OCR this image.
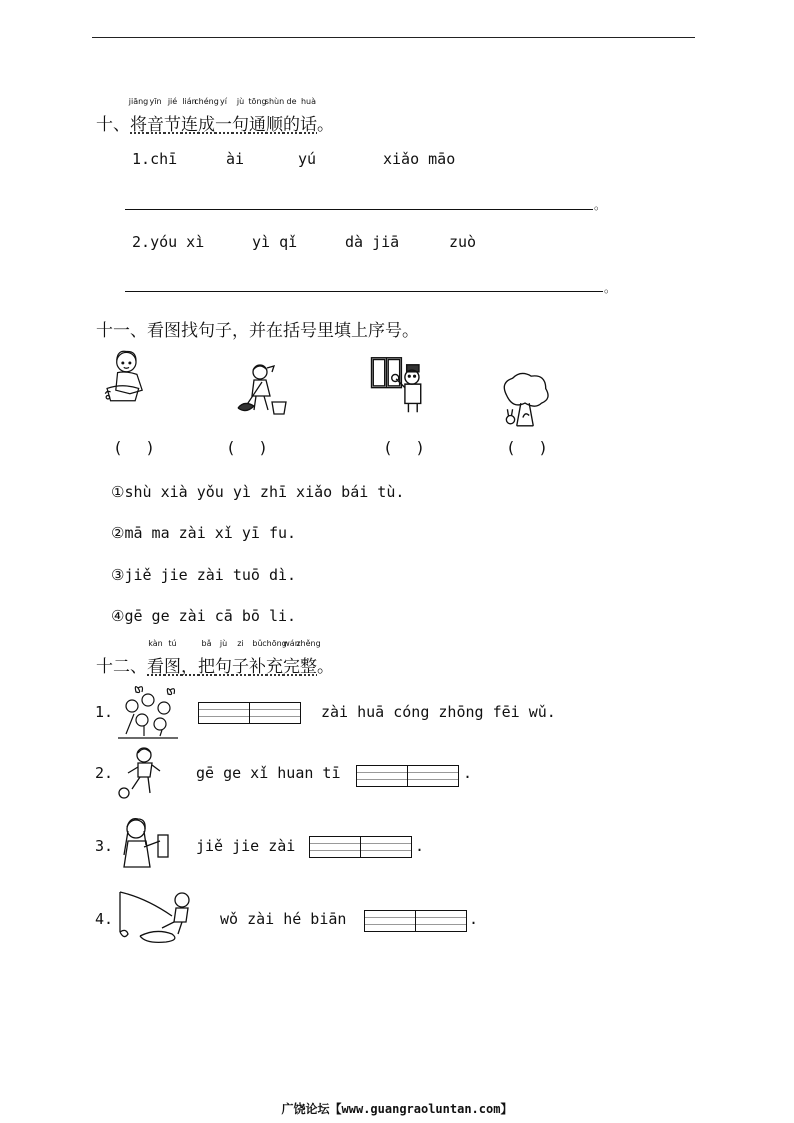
十、
jiāng
将
yīn
音
jié
节
lián
连
chéng
成
yí
一
jù
句
tōng
通
shùn
顺
de
的
huà
话。
1.chī	ài	yú	xiǎo māo
。
2.yóu xì	yì qǐ	dà jiā	zuò
。
十一、看图找句子，并在括号里填上序号。
( )	( )	( )	( )
①shù xià yǒu yì zhī xiǎo bái tù.
②mā ma zài xǐ yī fu.
③jiě jie zài tuō dì.
④gē ge zài cā bō li.
十二、
kàn
看
tú
图
，
bǎ
把
jù
句
zi
子
bǔ
补
chōng
充
wán
完
zhěng
整。
1.	zài huā cóng zhōng fēi wǔ.
2.	gē ge xǐ huan tī	.
3.	jiě jie zài	.
4.	wǒ zài hé biān	.
广饶论坛【www.guangraoluntan.com】
